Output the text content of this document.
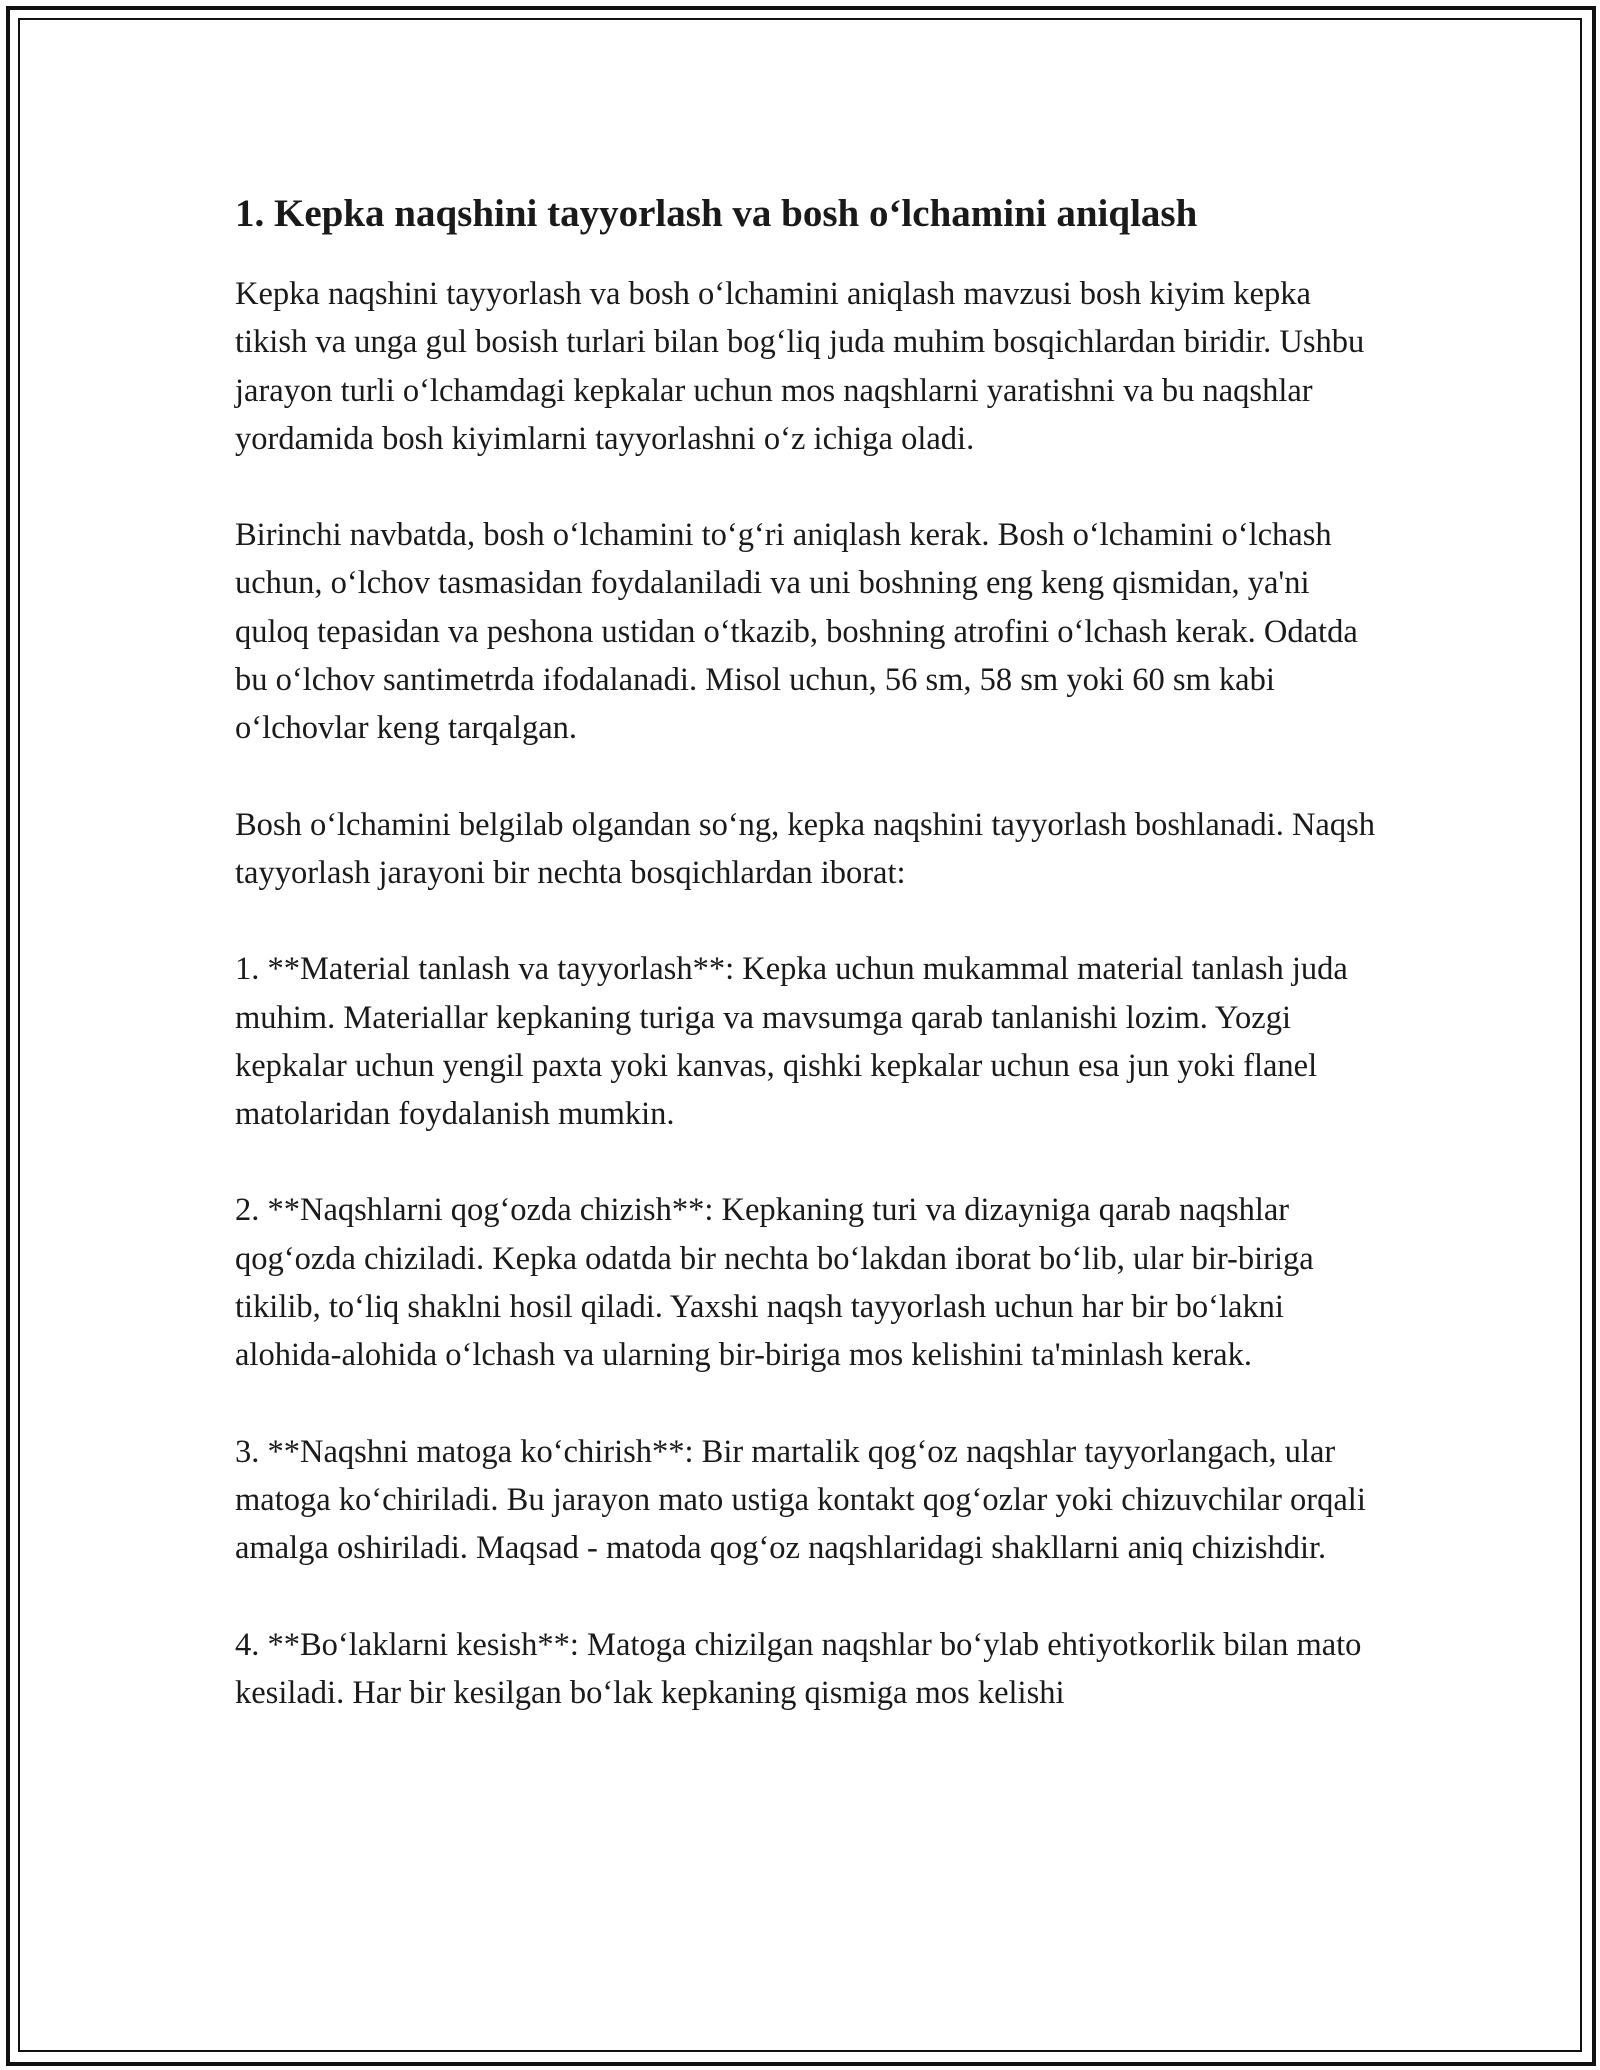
1. Kepka naqshini tayyorlash va bosh o‘lchamini aniqlash

Kepka naqshini tayyorlash va bosh o‘lchamini aniqlash mavzusi bosh kiyim kepka tikish va unga gul bosish turlari bilan bog‘liq juda muhim bosqichlardan biridir. Ushbu jarayon turli o‘lchamdagi kepkalar uchun mos naqshlarni yaratishni va bu naqshlar yordamida bosh kiyimlarni tayyorlashni o‘z ichiga oladi.

Birinchi navbatda, bosh o‘lchamini to‘g‘ri aniqlash kerak. Bosh o‘lchamini o‘lchash uchun, o‘lchov tasmasidan foydalaniladi va uni boshning eng keng qismidan, ya'ni quloq tepasidan va peshona ustidan o‘tkazib, boshning atrofini o‘lchash kerak. Odatda bu o‘lchov santimetrda ifodalanadi. Misol uchun, 56 sm, 58 sm yoki 60 sm kabi o‘lchovlar keng tarqalgan.

Bosh o‘lchamini belgilab olgandan so‘ng, kepka naqshini tayyorlash boshlanadi. Naqsh tayyorlash jarayoni bir nechta bosqichlardan iborat:

1. **Material tanlash va tayyorlash**: Kepka uchun mukammal material tanlash juda muhim. Materiallar kepkaning turiga va mavsumga qarab tanlanishi lozim. Yozgi kepkalar uchun yengil paxta yoki kanvas, qishki kepkalar uchun esa jun yoki flanel matolaridan foydalanish mumkin.

2. **Naqshlarni qog‘ozda chizish**: Kepkaning turi va dizayniga qarab naqshlar qog‘ozda chiziladi. Kepka odatda bir nechta bo‘lakdan iborat bo‘lib, ular bir-biriga tikilib, to‘liq shaklni hosil qiladi. Yaxshi naqsh tayyorlash uchun har bir bo‘lakni alohida-alohida o‘lchash va ularning bir-biriga mos kelishini ta'minlash kerak.

3. **Naqshni matoga ko‘chirish**: Bir martalik qog‘oz naqshlar tayyorlangach, ular matoga ko‘chiriladi. Bu jarayon mato ustiga kontakt qog‘ozlar yoki chizuvchilar orqali amalga oshiriladi. Maqsad - matoda qog‘oz naqshlaridagi shakllarni aniq chizishdir.

4. **Bo‘laklarni kesish**: Matoga chizilgan naqshlar bo‘ylab ehtiyotkorlik bilan mato kesiladi. Har bir kesilgan bo‘lak kepkaning qismiga mos kelishi
